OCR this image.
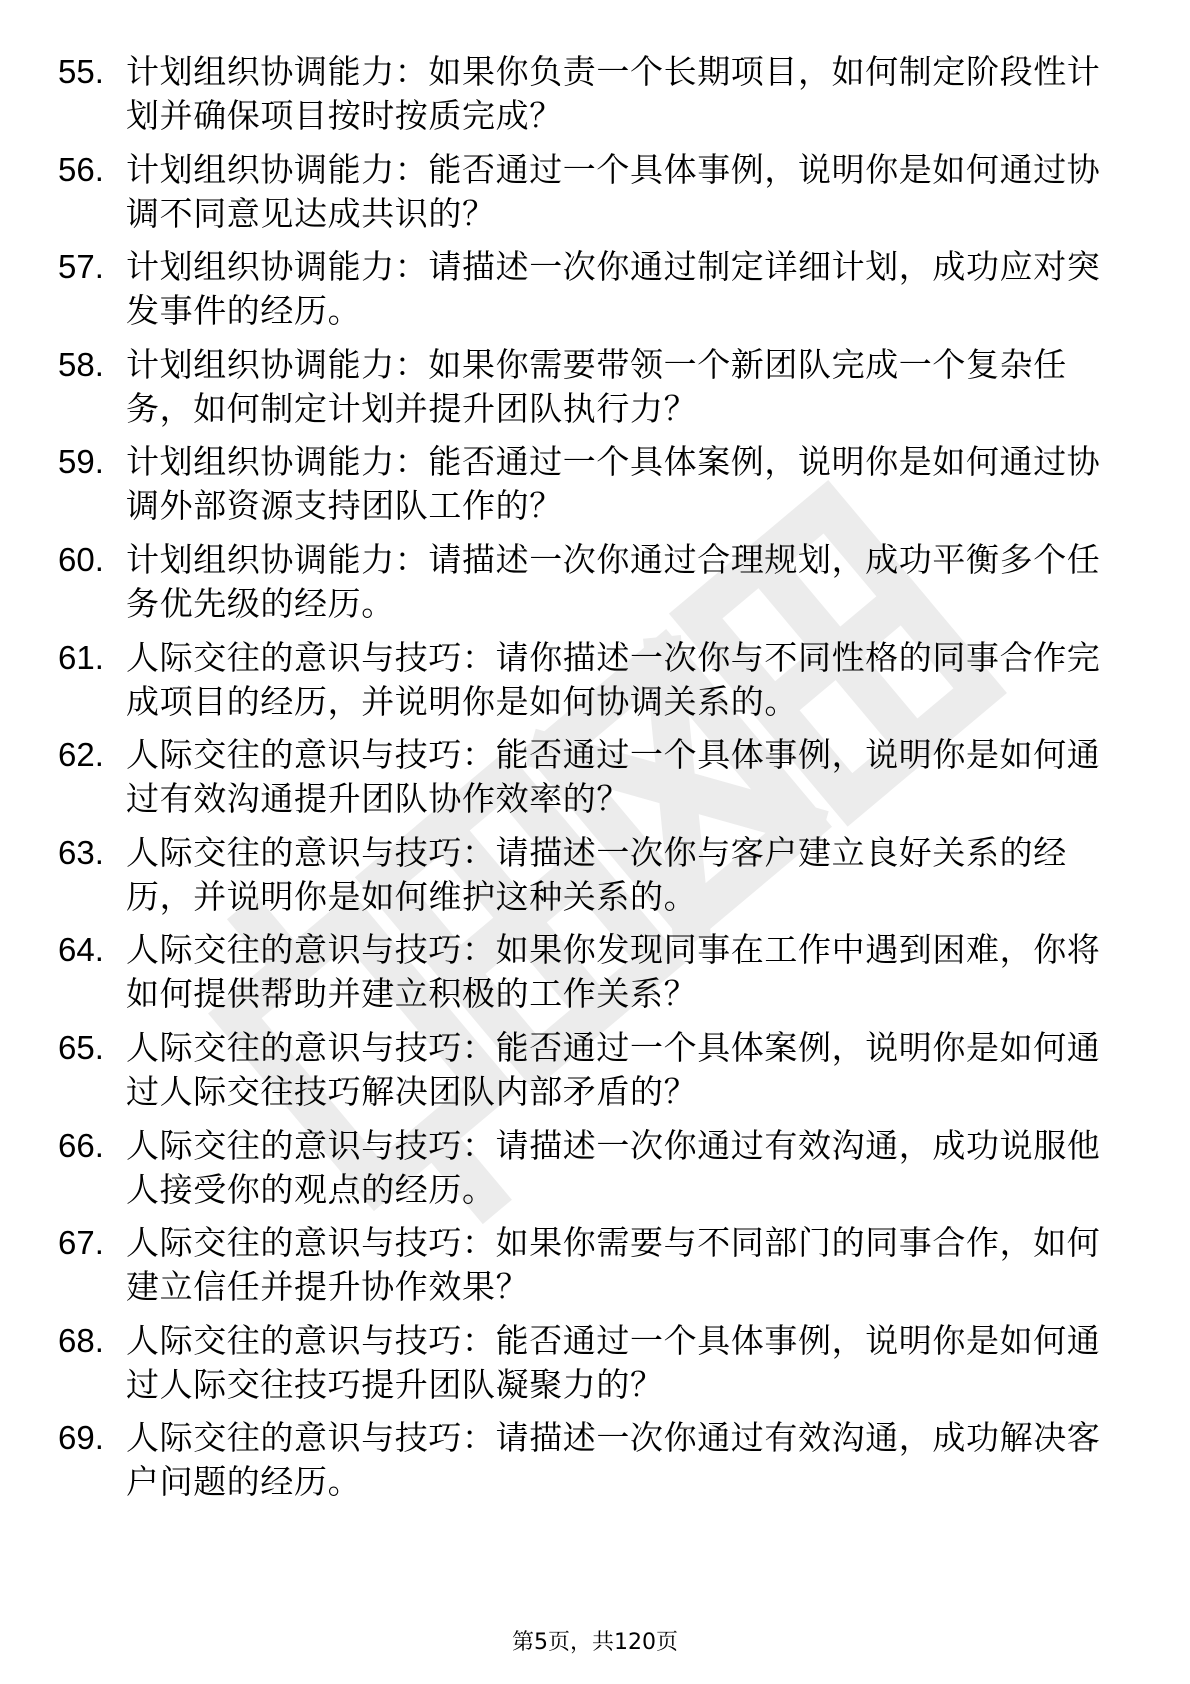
55. 计划组织协调能力：如果你负责一个长期项目，如何制定阶段性计划并确保项目按时按质完成？
56. 计划组织协调能力：能否通过一个具体事例，说明你是如何通过协调不同意见达成共识的？
57. 计划组织协调能力：请描述一次你通过制定详细计划，成功应对突发事件的经历。
58. 计划组织协调能力：如果你需要带领一个新团队完成一个复杂任务，如何制定计划并提升团队执行力？
59. 计划组织协调能力：能否通过一个具体案例，说明你是如何通过协调外部资源支持团队工作的？
60. 计划组织协调能力：请描述一次你通过合理规划，成功平衡多个任务优先级的经历。
61. 人际交往的意识与技巧：请你描述一次你与不同性格的同事合作完成项目的经历，并说明你是如何协调关系的。
62. 人际交往的意识与技巧：能否通过一个具体事例，说明你是如何通过有效沟通提升团队协作效率的？
63. 人际交往的意识与技巧：请描述一次你与客户建立良好关系的经历，并说明你是如何维护这种关系的。
64. 人际交往的意识与技巧：如果你发现同事在工作中遇到困难，你将如何提供帮助并建立积极的工作关系？
65. 人际交往的意识与技巧：能否通过一个具体案例，说明你是如何通过人际交往技巧解决团队内部矛盾的？
66. 人际交往的意识与技巧：请描述一次你通过有效沟通，成功说服他人接受你的观点的经历。
67. 人际交往的意识与技巧：如果你需要与不同部门的同事合作，如何建立信任并提升协作效果？
68. 人际交往的意识与技巧：能否通过一个具体事例，说明你是如何通过人际交往技巧提升团队凝聚力的？
69. 人际交往的意识与技巧：请描述一次你通过有效沟通，成功解决客户问题的经历。
第5页，共120页
